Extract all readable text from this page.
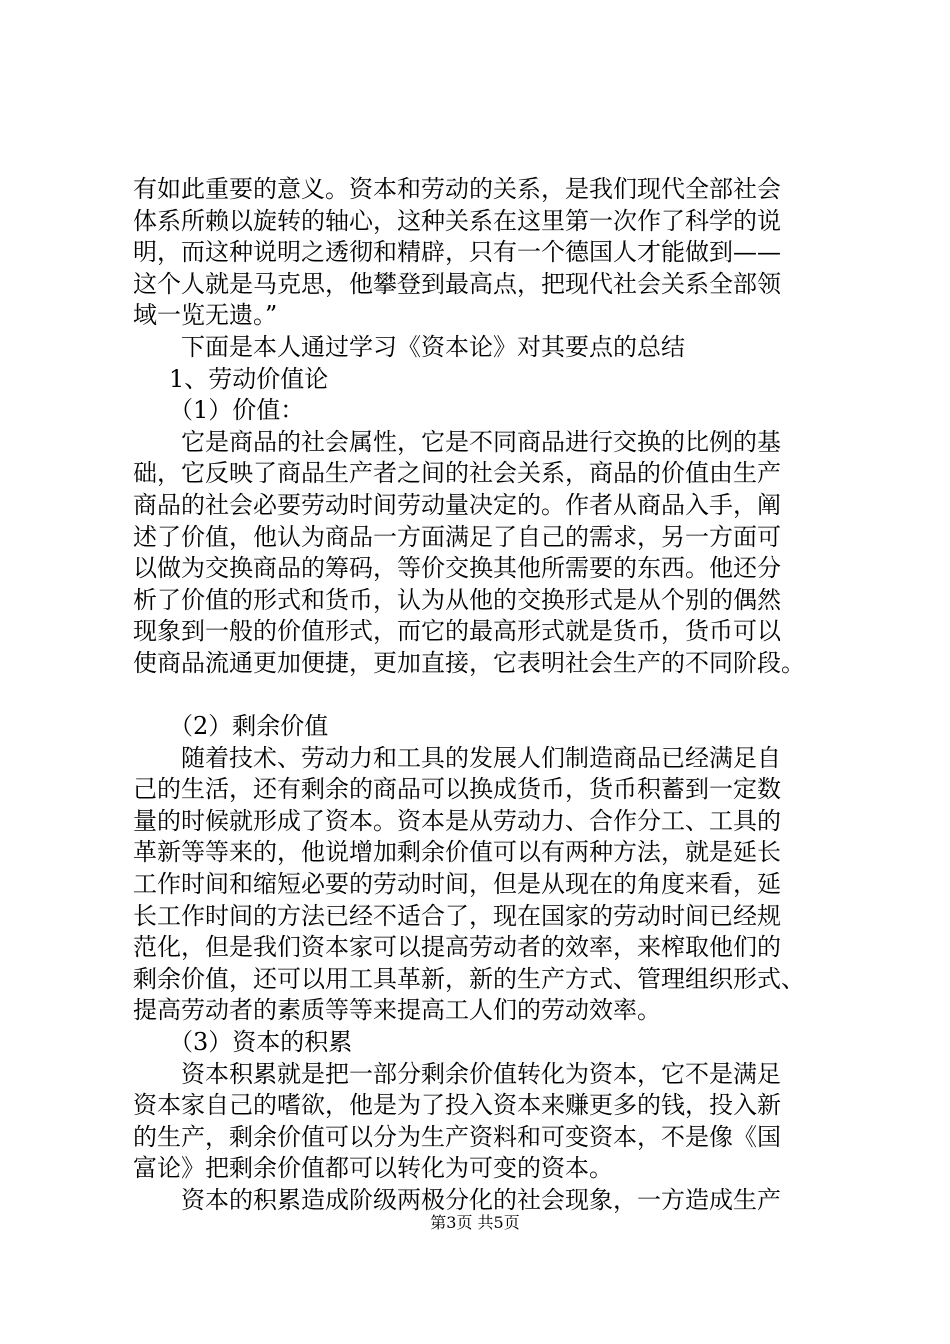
有如此重要的意义。资本和劳动的关系，是我们现代全部社会
体系所赖以旋转的轴心，这种关系在这里第一次作了科学的说
明，而这种说明之透彻和精辟，只有一个德国人才能做到——
这个人就是马克思，他攀登到最高点，把现代社会关系全部领
域一览无遗。”
下面是本人通过学习《资本论》对其要点的总结
1、劳动价值论
（1）价值：
它是商品的社会属性，它是不同商品进行交换的比例的基
础，它反映了商品生产者之间的社会关系，商品的价值由生产
商品的社会必要劳动时间劳动量决定的。作者从商品入手，阐
述了价值，他认为商品一方面满足了自己的需求，另一方面可
以做为交换商品的筹码，等价交换其他所需要的东西。他还分
析了价值的形式和货币，认为从他的交换形式是从个别的偶然
现象到一般的价值形式，而它的最高形式就是货币，货币可以
使商品流通更加便捷，更加直接，它表明社会生产的不同阶段。
（2）剩余价值
随着技术、劳动力和工具的发展人们制造商品已经满足自
己的生活，还有剩余的商品可以换成货币，货币积蓄到一定数
量的时候就形成了资本。资本是从劳动力、合作分工、工具的
革新等等来的，他说增加剩余价值可以有两种方法，就是延长
工作时间和缩短必要的劳动时间，但是从现在的角度来看，延
长工作时间的方法已经不适合了，现在国家的劳动时间已经规
范化，但是我们资本家可以提高劳动者的效率，来榨取他们的
剩余价值，还可以用工具革新，新的生产方式、管理组织形式、
提高劳动者的素质等等来提高工人们的劳动效率。
（3）资本的积累
资本积累就是把一部分剩余价值转化为资本，它不是满足
资本家自己的嗜欲，他是为了投入资本来赚更多的钱，投入新
的生产，剩余价值可以分为生产资料和可变资本，不是像《国
富论》把剩余价值都可以转化为可变的资本。
资本的积累造成阶级两极分化的社会现象，一方造成生产
第3页 共5页
